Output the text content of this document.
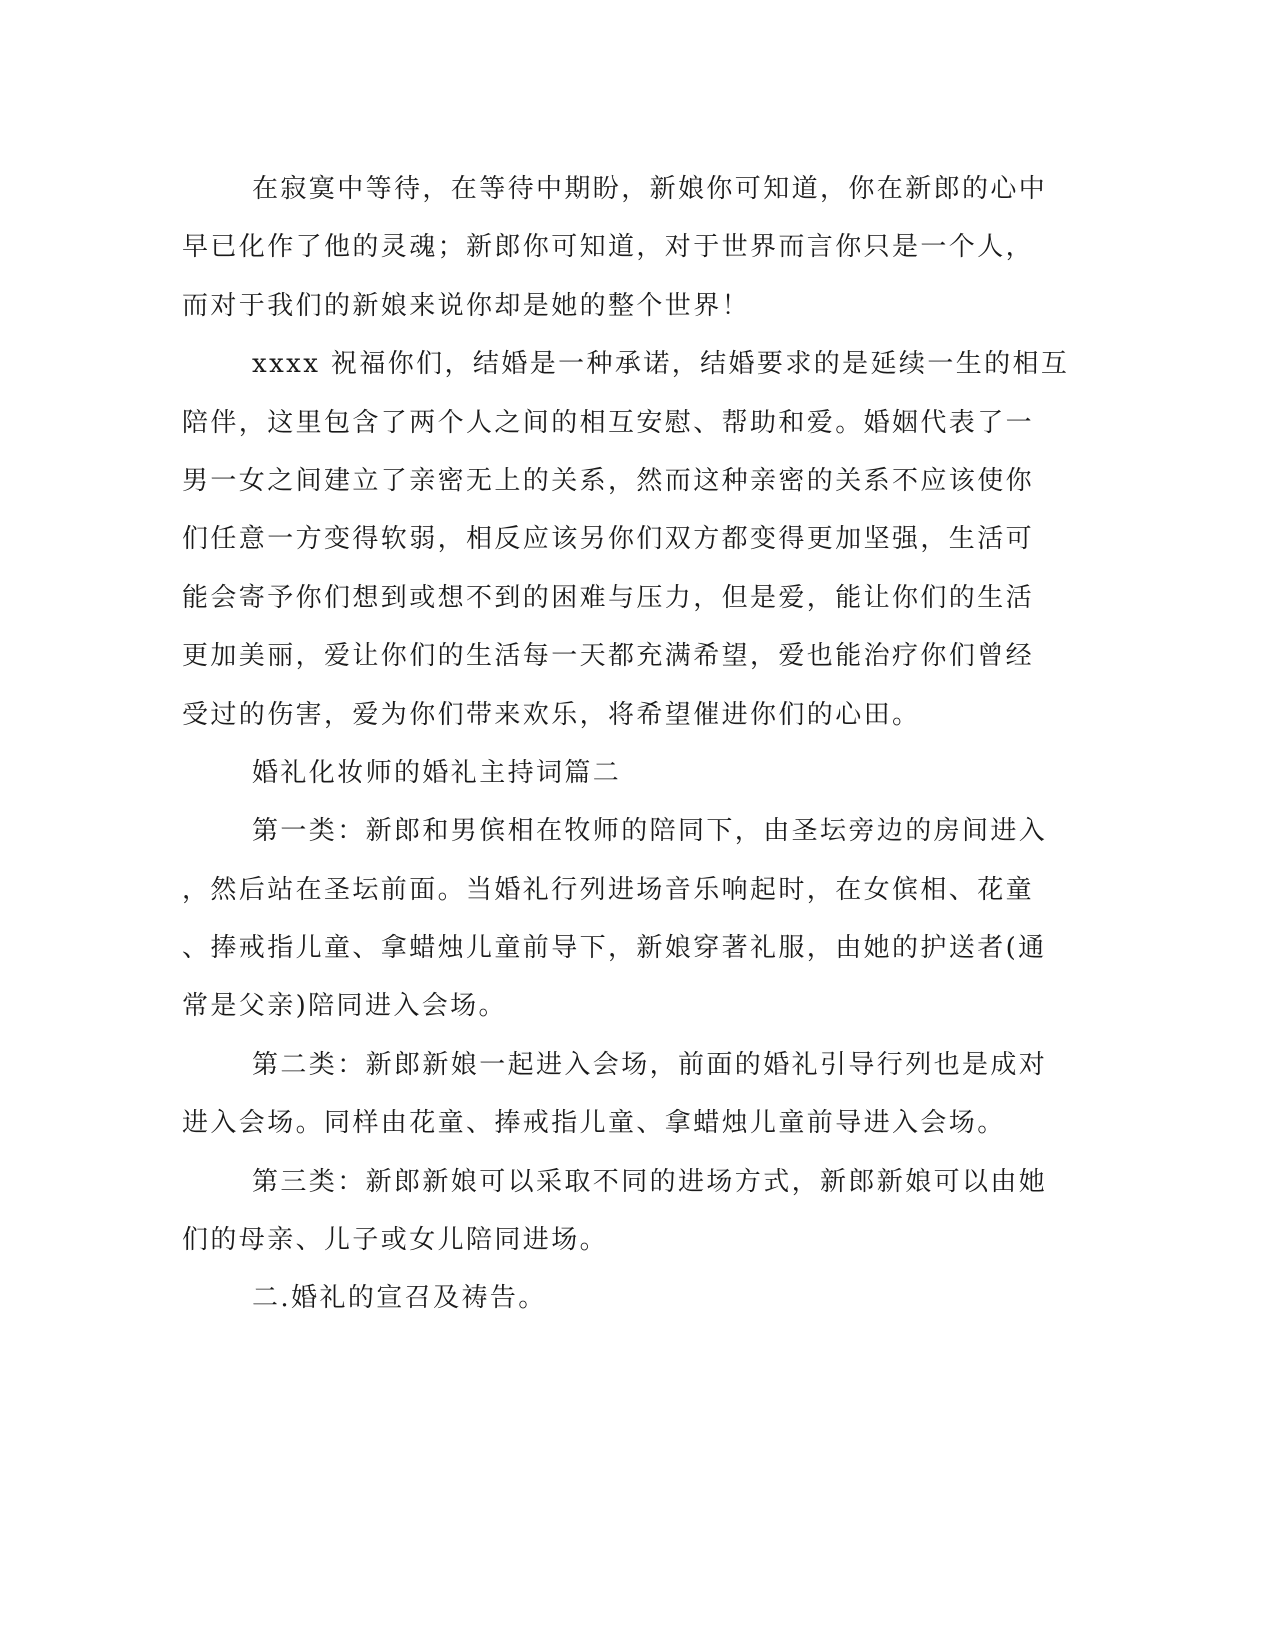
在寂寞中等待，在等待中期盼，新娘你可知道，你在新郎的心中
早已化作了他的灵魂；新郎你可知道，对于世界而言你只是一个人，
而对于我们的新娘来说你却是她的整个世界！
xxxx 祝福你们，结婚是一种承诺，结婚要求的是延续一生的相互
陪伴，这里包含了两个人之间的相互安慰、帮助和爱。婚姻代表了一
男一女之间建立了亲密无上的关系，然而这种亲密的关系不应该使你
们任意一方变得软弱，相反应该另你们双方都变得更加坚强，生活可
能会寄予你们想到或想不到的困难与压力，但是爱，能让你们的生活
更加美丽，爱让你们的生活每一天都充满希望，爱也能治疗你们曾经
受过的伤害，爱为你们带来欢乐，将希望催进你们的心田。
婚礼化妆师的婚礼主持词篇二
第一类：新郎和男傧相在牧师的陪同下，由圣坛旁边的房间进入
，然后站在圣坛前面。当婚礼行列进场音乐响起时，在女傧相、花童
、捧戒指儿童、拿蜡烛儿童前导下，新娘穿著礼服，由她的护送者(通
常是父亲)陪同进入会场。
第二类：新郎新娘一起进入会场，前面的婚礼引导行列也是成对
进入会场。同样由花童、捧戒指儿童、拿蜡烛儿童前导进入会场。
第三类：新郎新娘可以采取不同的进场方式，新郎新娘可以由她
们的母亲、儿子或女儿陪同进场。
二.婚礼的宣召及祷告。
